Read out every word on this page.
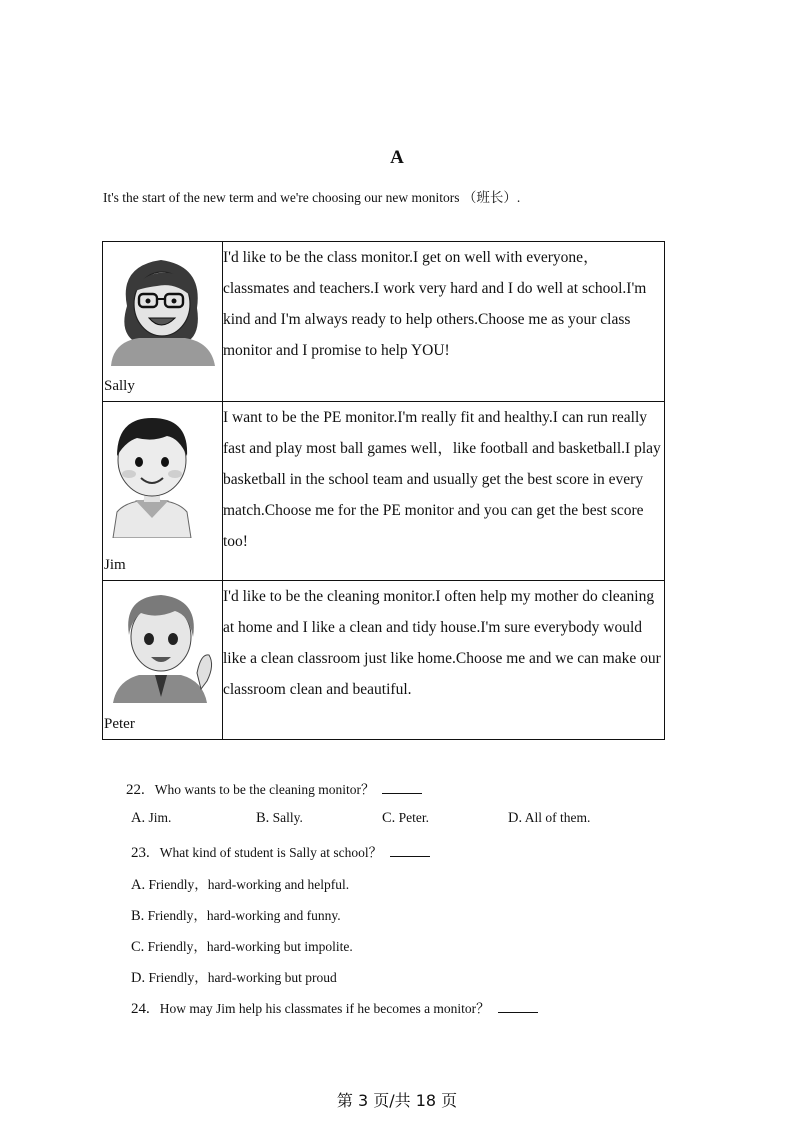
A
It's the start of the new term and we're choosing our new monitors （班长）.
Sally	I'd like to be the class monitor.I get on well with everyone，classmates and teachers.I work very hard and I do well at school.I'm kind and I'm always ready to help others.Choose me as your class monitor and I promise to help YOU!

Jim	I want to be the PE monitor.I'm really fit and healthy.I can run really fast and play most ball games well，like football and basketball.I play basketball in the school team and usually get the best score in every match.Choose me for the PE monitor and you can get the best score too!

Peter	I'd like to be the cleaning monitor.I often help my mother do cleaning at home and I like a clean and tidy house.I'm sure everybody would like a clean classroom just like home.Choose me and we can make our classroom clean and beautiful.
22. Who wants to be the cleaning monitor？
A. Jim.	B. Sally.	C. Peter.	D. All of them.
23. What kind of student is Sally at school？
A. Friendly，hard-working and helpful.
B. Friendly，hard-working and funny.
C. Friendly，hard-working but impolite.
D. Friendly，hard-working but proud
24. How may Jim help his classmates if he becomes a monitor？
第 3 页/共 18 页
